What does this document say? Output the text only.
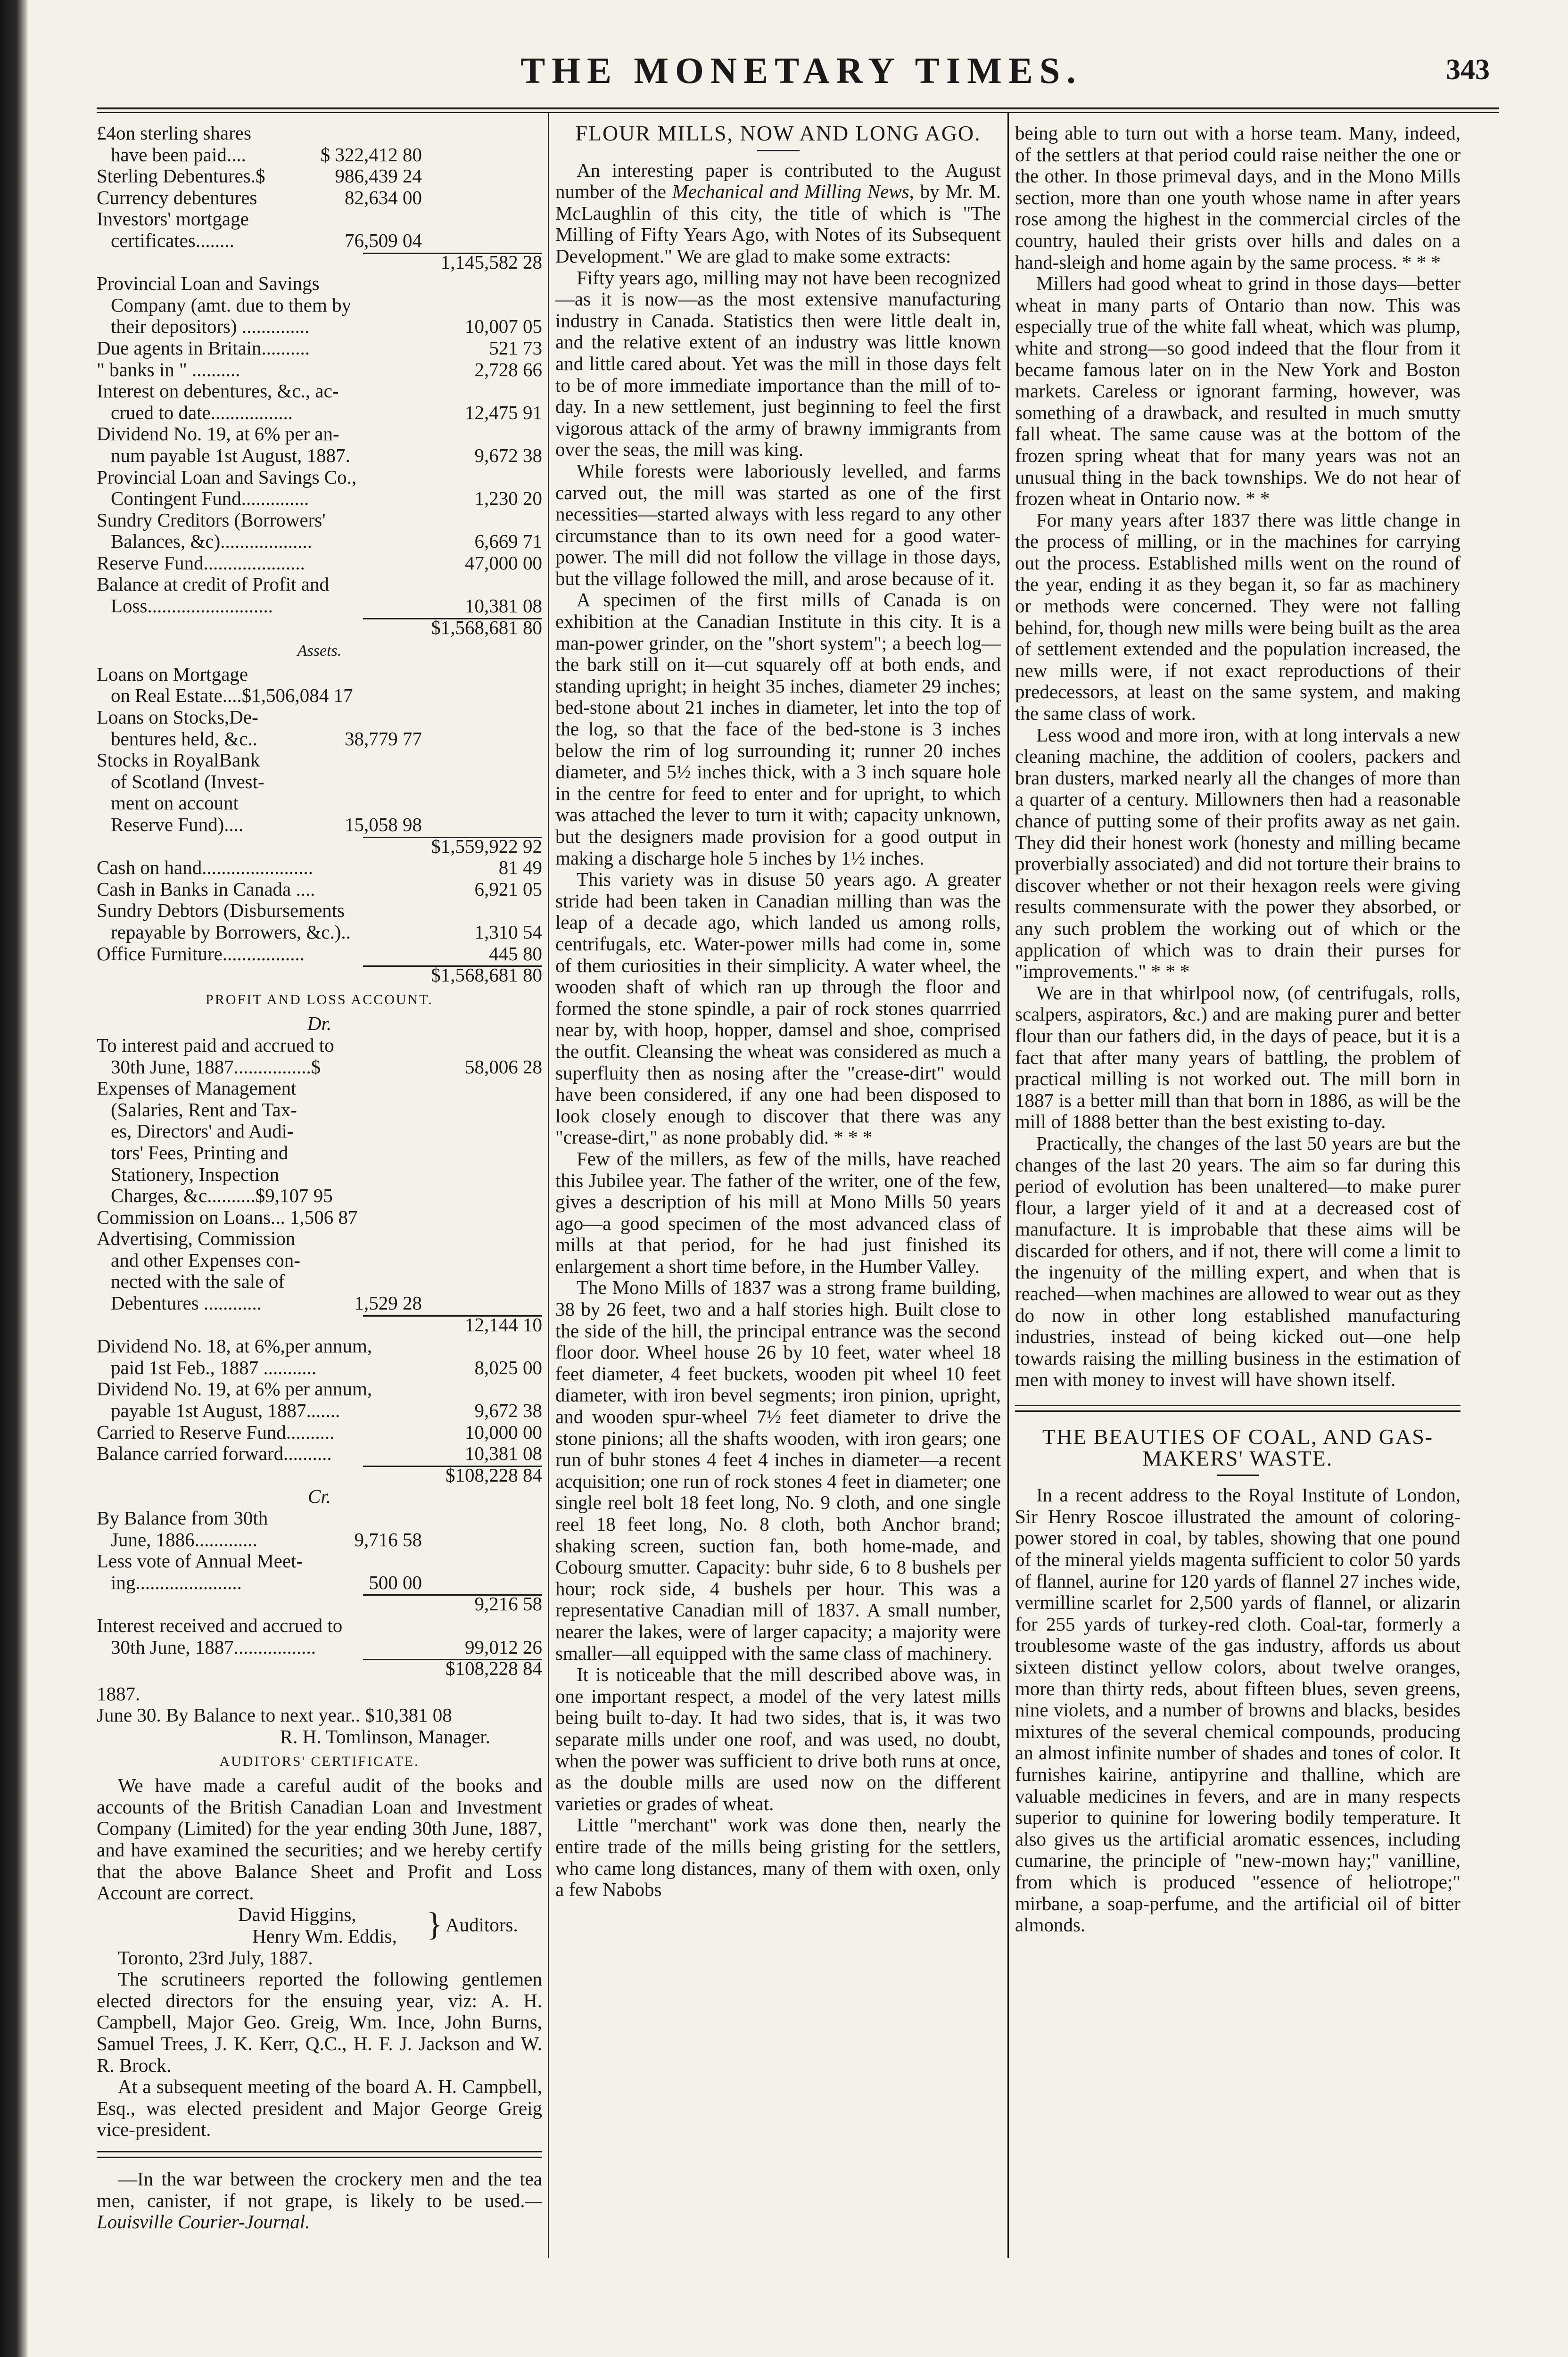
THE MONETARY TIMES.	343
£4on sterling shares
have been paid....	$ 322,412 80
Sterling Debentures.$	986,439 24
Currency debentures	82,634 00
Investors' mortgage
certificates........	76,509 04
1,145,582 28
Provincial Loan and Savings
Company (amt. due to them by
their depositors) ..............	10,007 05
Due agents in Britain..........	521 73
" banks in " ..........	2,728 66
Interest on debentures, &c., ac-
crued to date.................	12,475 91
Dividend No. 19, at 6% per an-
num payable 1st August, 1887.	9,672 38
Provincial Loan and Savings Co.,
Contingent Fund..............	1,230 20
Sundry Creditors (Borrowers'
Balances, &c)...................	6,669 71
Reserve Fund.....................	47,000 00
Balance at credit of Profit and
Loss..........................	10,381 08
$1,568,681 80
Assets.
Loans on Mortgage
on Real Estate....$1,506,084 17
Loans on Stocks,De-
bentures held, &c..	38,779 77
Stocks in RoyalBank
of Scotland (Invest-
ment on account
Reserve Fund)....	15,058 98
$1,559,922 92
Cash on hand.......................	81 49
Cash in Banks in Canada ....	6,921 05
Sundry Debtors (Disbursements
repayable by Borrowers, &c.)..	1,310 54
Office Furniture.................	445 80
$1,568,681 80
PROFIT AND LOSS ACCOUNT.
Dr.
To interest paid and accrued to
30th June, 1887................$	58,006 28
Expenses of Management
(Salaries, Rent and Tax-
es, Directors' and Audi-
tors' Fees, Printing and
Stationery, Inspection
Charges, &c..........$9,107 95
Commission on Loans... 1,506 87
Advertising, Commission
and other Expenses con-
nected with the sale of
Debentures ............	1,529 28
12,144 10
Dividend No. 18, at 6%,per annum,
paid 1st Feb., 1887 ...........	8,025 00
Dividend No. 19, at 6% per annum,
payable 1st August, 1887.......	9,672 38
Carried to Reserve Fund..........	10,000 00
Balance carried forward..........	10,381 08
$108,228 84
Cr.
By Balance from 30th
June, 1886.............	9,716 58
Less vote of Annual Meet-
ing......................	500 00
9,216 58
Interest received and accrued to
30th June, 1887.................	99,012 26
$108,228 84
1887.
June 30. By Balance to next year.. $10,381 08
R. H. Tomlinson, Manager.
AUDITORS' CERTIFICATE.

We have made a careful audit of the books and accounts of the British Canadian Loan and Investment Company (Limited) for the year ending 30th June, 1887, and have examined the securities; and we hereby certify that the above Balance Sheet and Profit and Loss Account are correct.

David Higgins,
Henry Wm. Eddis, } Auditors.
Toronto, 23rd July, 1887.

The scrutineers reported the following gentlemen elected directors for the ensuing year, viz: A. H. Campbell, Major Geo. Greig, Wm. Ince, John Burns, Samuel Trees, J. K. Kerr, Q.C., H. F. J. Jackson and W. R. Brock.

At a subsequent meeting of the board A. H. Campbell, Esq., was elected president and Major George Greig vice-president.

—In the war between the crockery men and the tea men, canister, if not grape, is likely to be used.—Louisville Courier-Journal.

FLOUR MILLS, NOW AND LONG AGO.

An interesting paper is contributed to the August number of the Mechanical and Milling News, by Mr. M. McLaughlin of this city, the title of which is "The Milling of Fifty Years Ago, with Notes of its Subsequent Development." We are glad to make some extracts:

Fifty years ago, milling may not have been recognized—as it is now—as the most extensive manufacturing industry in Canada. Statistics then were little dealt in, and the relative extent of an industry was little known and little cared about. Yet was the mill in those days felt to be of more immediate importance than the mill of to-day. In a new settlement, just beginning to feel the first vigorous attack of the army of brawny immigrants from over the seas, the mill was king.

While forests were laboriously levelled, and farms carved out, the mill was started as one of the first necessities—started always with less regard to any other circumstance than to its own need for a good water-power. The mill did not follow the village in those days, but the village followed the mill, and arose because of it.

A specimen of the first mills of Canada is on exhibition at the Canadian Institute in this city. It is a man-power grinder, on the "short system"; a beech log—the bark still on it—cut squarely off at both ends, and standing upright; in height 35 inches, diameter 29 inches; bed-stone about 21 inches in diameter, let into the top of the log, so that the face of the bed-stone is 3 inches below the rim of log surrounding it; runner 20 inches diameter, and 5½ inches thick, with a 3 inch square hole in the centre for feed to enter and for upright, to which was attached the lever to turn it with; capacity unknown, but the designers made provision for a good output in making a discharge hole 5 inches by 1½ inches.

This variety was in disuse 50 years ago. A greater stride had been taken in Canadian milling than was the leap of a decade ago, which landed us among rolls, centrifugals, etc. Water-power mills had come in, some of them curiosities in their simplicity. A water wheel, the wooden shaft of which ran up through the floor and formed the stone spindle, a pair of rock stones quarrried near by, with hoop, hopper, damsel and shoe, comprised the outfit. Cleansing the wheat was considered as much a superfluity then as nosing after the "crease-dirt" would have been considered, if any one had been disposed to look closely enough to discover that there was any "crease-dirt," as none probably did. * * *

Few of the millers, as few of the mills, have reached this Jubilee year. The father of the writer, one of the few, gives a description of his mill at Mono Mills 50 years ago—a good specimen of the most advanced class of mills at that period, for he had just finished its enlargement a short time before, in the Humber Valley.

The Mono Mills of 1837 was a strong frame building, 38 by 26 feet, two and a half stories high. Built close to the side of the hill, the principal entrance was the second floor door. Wheel house 26 by 10 feet, water wheel 18 feet diameter, 4 feet buckets, wooden pit wheel 10 feet diameter, with iron bevel segments; iron pinion, upright, and wooden spur-wheel 7½ feet diameter to drive the stone pinions; all the shafts wooden, with iron gears; one run of buhr stones 4 feet 4 inches in diameter—a recent acquisition; one run of rock stones 4 feet in diameter; one single reel bolt 18 feet long, No. 9 cloth, and one single reel 18 feet long, No. 8 cloth, both Anchor brand; shaking screen, suction fan, both home-made, and Cobourg smutter. Capacity: buhr side, 6 to 8 bushels per hour; rock side, 4 bushels per hour. This was a representative Canadian mill of 1837. A small number, nearer the lakes, were of larger capacity; a majority were smaller—all equipped with the same class of machinery.

It is noticeable that the mill described above was, in one important respect, a model of the very latest mills being built to-day. It had two sides, that is, it was two separate mills under one roof, and was used, no doubt, when the power was sufficient to drive both runs at once, as the double mills are used now on the different varieties or grades of wheat.

Little "merchant" work was done then, nearly the entire trade of the mills being gristing for the settlers, who came long distances, many of them with oxen, only a few Nabobs

being able to turn out with a horse team. Many, indeed, of the settlers at that period could raise neither the one or the other. In those primeval days, and in the Mono Mills section, more than one youth whose name in after years rose among the highest in the commercial circles of the country, hauled their grists over hills and dales on a hand-sleigh and home again by the same process. * * *

Millers had good wheat to grind in those days—better wheat in many parts of Ontario than now. This was especially true of the white fall wheat, which was plump, white and strong—so good indeed that the flour from it became famous later on in the New York and Boston markets. Careless or ignorant farming, however, was something of a drawback, and resulted in much smutty fall wheat. The same cause was at the bottom of the frozen spring wheat that for many years was not an unusual thing in the back townships. We do not hear of frozen wheat in Ontario now. * *

For many years after 1837 there was little change in the process of milling, or in the machines for carrying out the process. Established mills went on the round of the year, ending it as they began it, so far as machinery or methods were concerned. They were not falling behind, for, though new mills were being built as the area of settlement extended and the population increased, the new mills were, if not exact reproductions of their predecessors, at least on the same system, and making the same class of work.

Less wood and more iron, with at long intervals a new cleaning machine, the addition of coolers, packers and bran dusters, marked nearly all the changes of more than a quarter of a century. Millowners then had a reasonable chance of putting some of their profits away as net gain. They did their honest work (honesty and milling became proverbially associated) and did not torture their brains to discover whether or not their hexagon reels were giving results commensurate with the power they absorbed, or any such problem the working out of which or the application of which was to drain their purses for "improvements." * * *

We are in that whirlpool now, (of centrifugals, rolls, scalpers, aspirators, &c.) and are making purer and better flour than our fathers did, in the days of peace, but it is a fact that after many years of battling, the problem of practical milling is not worked out. The mill born in 1887 is a better mill than that born in 1886, as will be the mill of 1888 better than the best existing to-day.

Practically, the changes of the last 50 years are but the changes of the last 20 years. The aim so far during this period of evolution has been unaltered—to make purer flour, a larger yield of it and at a decreased cost of manufacture. It is improbable that these aims will be discarded for others, and if not, there will come a limit to the ingenuity of the milling expert, and when that is reached—when machines are allowed to wear out as they do now in other long established manufacturing industries, instead of being kicked out—one help towards raising the milling business in the estimation of men with money to invest will have shown itself.

THE BEAUTIES OF COAL, AND GAS-MAKERS' WASTE.

In a recent address to the Royal Institute of London, Sir Henry Roscoe illustrated the amount of coloring-power stored in coal, by tables, showing that one pound of the mineral yields magenta sufficient to color 50 yards of flannel, aurine for 120 yards of flannel 27 inches wide, vermilline scarlet for 2,500 yards of flannel, or alizarin for 255 yards of turkey-red cloth. Coal-tar, formerly a troublesome waste of the gas industry, affords us about sixteen distinct yellow colors, about twelve oranges, more than thirty reds, about fifteen blues, seven greens, nine violets, and a number of browns and blacks, besides mixtures of the several chemical compounds, producing an almost infinite number of shades and tones of color. It furnishes kairine, antipyrine and thalline, which are valuable medicines in fevers, and are in many respects superior to quinine for lowering bodily temperature. It also gives us the artificial aromatic essences, including cumarine, the principle of "new-mown hay;" vanilline, from which is produced "essence of heliotrope;" mirbane, a soap-perfume, and the artificial oil of bitter almonds.
